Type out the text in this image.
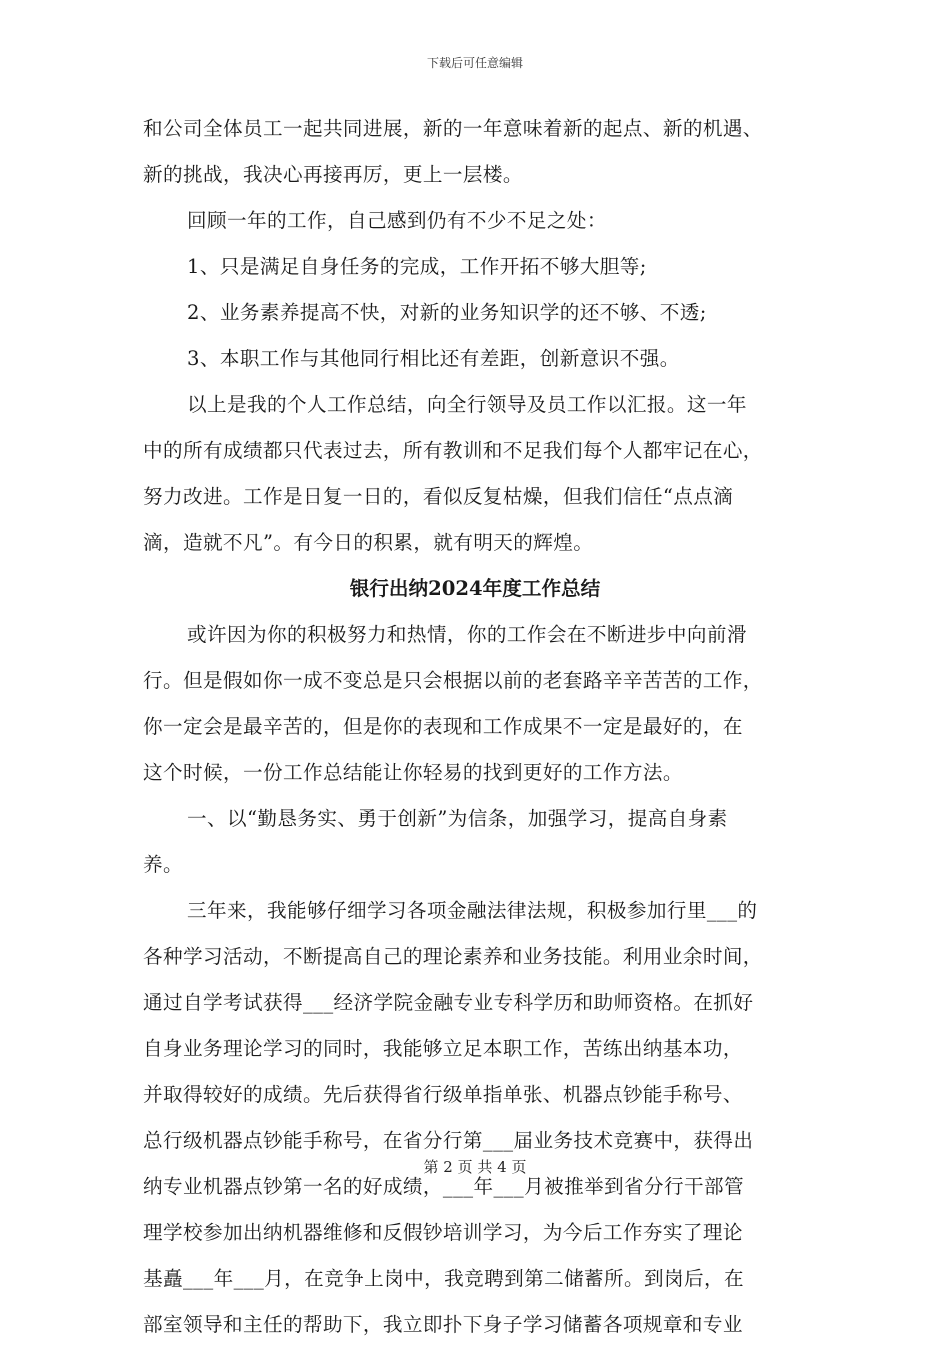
下载后可任意编辑
和公司全体员工一起共同进展，新的一年意味着新的起点、新的机遇、
新的挑战，我决心再接再厉，更上一层楼。
回顾一年的工作，自己感到仍有不少不足之处：
1、只是满足自身任务的完成，工作开拓不够大胆等;
2、业务素养提高不快，对新的业务知识学的还不够、不透;
3、本职工作与其他同行相比还有差距，创新意识不强。
以上是我的个人工作总结，向全行领导及员工作以汇报。这一年
中的所有成绩都只代表过去，所有教训和不足我们每个人都牢记在心，
努力改进。工作是日复一日的，看似反复枯燥，但我们信任“点点滴
滴，造就不凡”。有今日的积累，就有明天的辉煌。
银行出纳2024年度工作总结
或许因为你的积极努力和热情，你的工作会在不断进步中向前滑
行。但是假如你一成不变总是只会根据以前的老套路辛辛苦苦的工作，
你一定会是最辛苦的，但是你的表现和工作成果不一定是最好的，在
这个时候，一份工作总结能让你轻易的找到更好的工作方法。
一、以“勤恳务实、勇于创新”为信条，加强学习，提高自身素
养。
三年来，我能够仔细学习各项金融法律法规，积极参加行里___的
各种学习活动，不断提高自己的理论素养和业务技能。利用业余时间，
通过自学考试获得___经济学院金融专业专科学历和助师资格。在抓好
自身业务理论学习的同时，我能够立足本职工作，苦练出纳基本功，
并取得较好的成绩。先后获得省行级单指单张、机器点钞能手称号、
总行级机器点钞能手称号，在省分行第___届业务技术竞赛中，获得出
纳专业机器点钞第一名的好成绩，___年___月被推举到省分行干部管
理学校参加出纳机器维修和反假钞培训学习，为今后工作夯实了理论
基矗___年___月，在竞争上岗中，我竞聘到第二储蓄所。到岗后，在
部室领导和主任的帮助下，我立即扑下身子学习储蓄各项规章和专业
第 2 页 共 4 页
